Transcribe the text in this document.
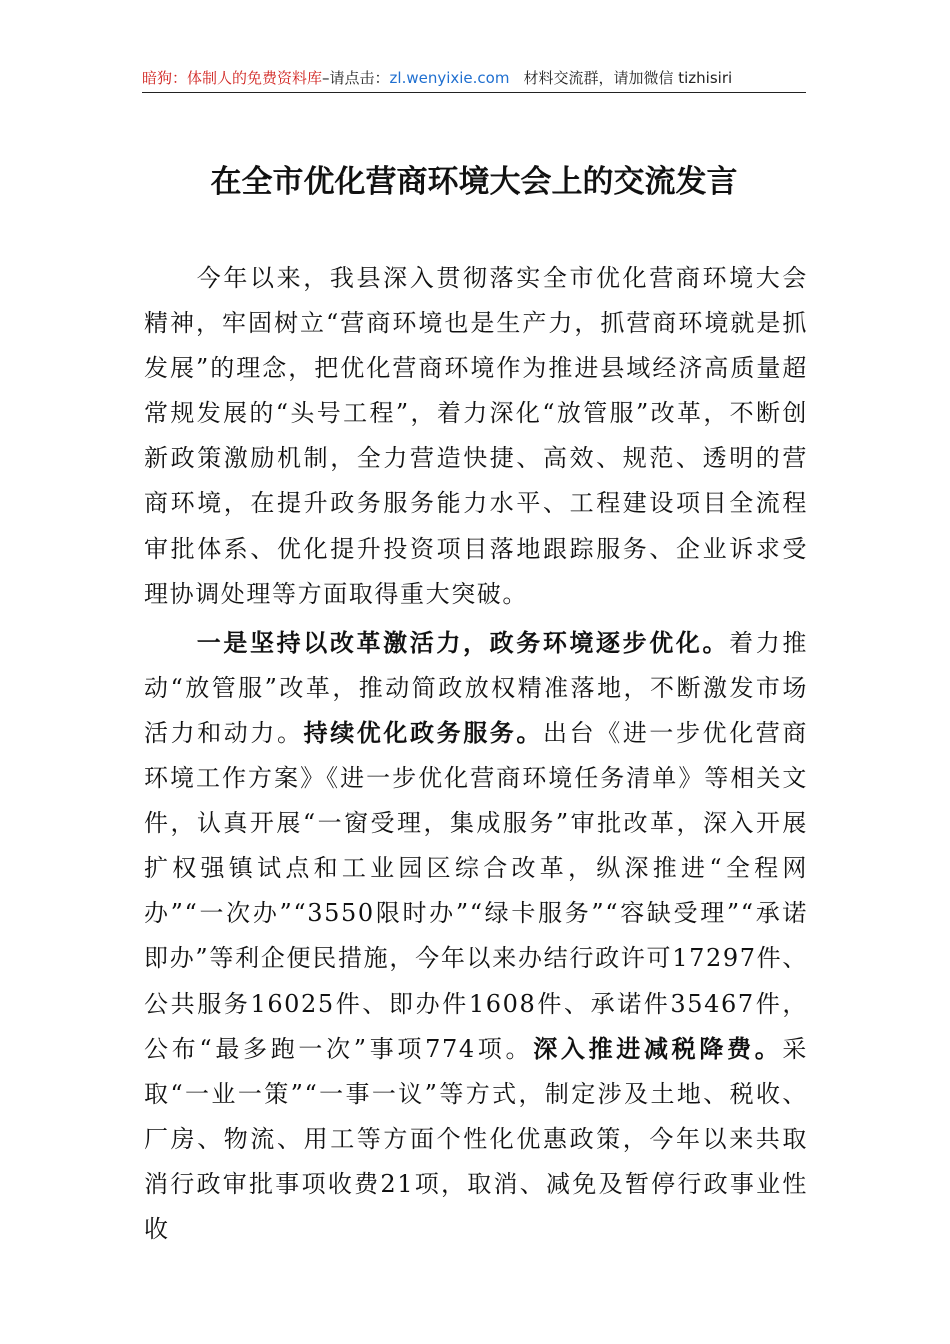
暗狗：体制人的免费资料库–请点击：zl.wenyixie.com 材料交流群，请加微信 tizhisiri
在全市优化营商环境大会上的交流发言

今年以来，我县深入贯彻落实全市优化营商环境大会精神，牢固树立“营商环境也是生产力，抓营商环境就是抓发展”的理念，把优化营商环境作为推进县域经济高质量超常规发展的“头号工程”，着力深化“放管服”改革，不断创新政策激励机制，全力营造快捷、高效、规范、透明的营商环境，在提升政务服务能力水平、工程建设项目全流程审批体系、优化提升投资项目落地跟踪服务、企业诉求受理协调处理等方面取得重大突破。

一是坚持以改革激活力，政务环境逐步优化。着力推动“放管服”改革，推动简政放权精准落地，不断激发市场活力和动力。持续优化政务服务。出台《进一步优化营商环境工作方案》《进一步优化营商环境任务清单》等相关文件，认真开展“一窗受理，集成服务”审批改革，深入开展扩权强镇试点和工业园区综合改革，纵深推进“全程网办”“一次办”“3550限时办”“绿卡服务”“容缺受理”“承诺即办”等利企便民措施，今年以来办结行政许可17297件、公共服务16025件、即办件1608件、承诺件35467件，公布“最多跑一次”事项774项。深入推进减税降费。采取“一业一策”“一事一议”等方式，制定涉及土地、税收、厂房、物流、用工等方面个性化优惠政策，今年以来共取消行政审批事项收费21项，取消、减免及暂停行政事业性收
